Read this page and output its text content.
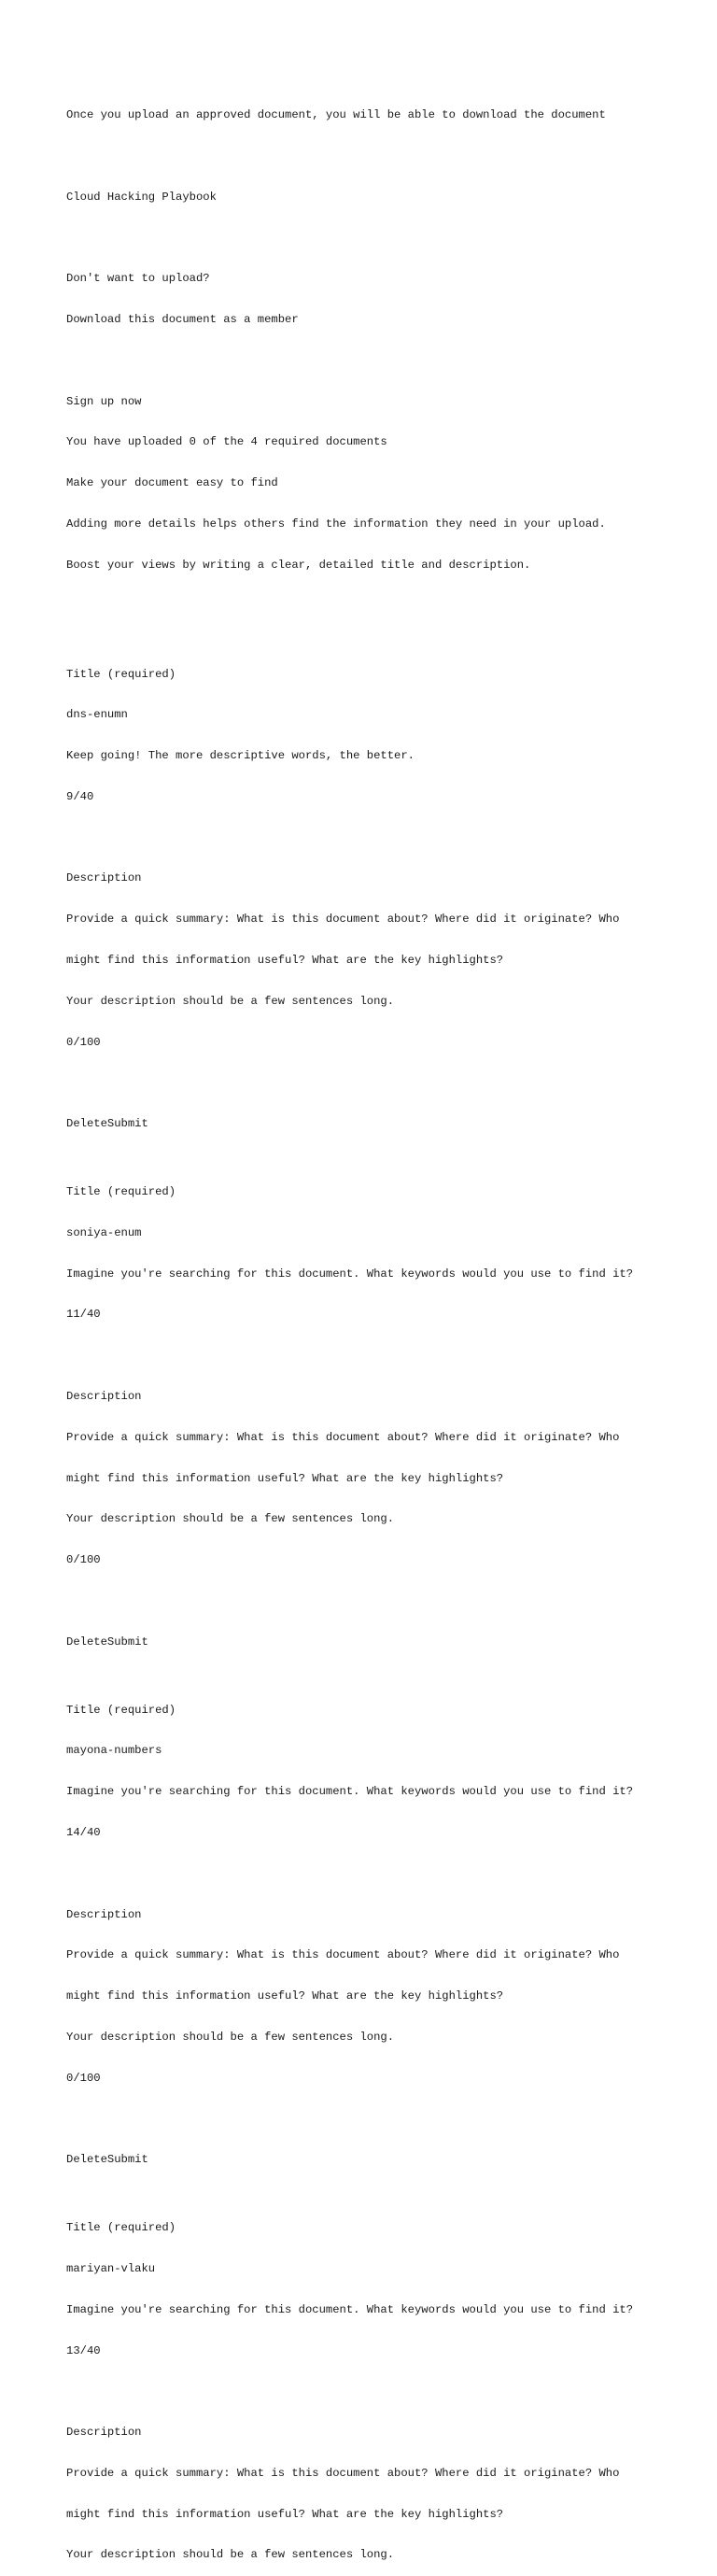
Once you upload an approved document, you will be able to download the document

Cloud Hacking Playbook

Don't want to upload?

Download this document as a member

Sign up now

You have uploaded 0 of the 4 required documents

Make your document easy to find

Adding more details helps others find the information they need in your upload.

Boost your views by writing a clear, detailed title and description.

Title (required)

dns-enumn

Keep going! The more descriptive words, the better.

9/40

Description

Provide a quick summary: What is this document about? Where did it originate? Who

might find this information useful? What are the key highlights?

Your description should be a few sentences long.

0/100

DeleteSubmit

Title (required)

soniya-enum

Imagine you're searching for this document. What keywords would you use to find it?

11/40

Description

Provide a quick summary: What is this document about? Where did it originate? Who

might find this information useful? What are the key highlights?

Your description should be a few sentences long.

0/100

DeleteSubmit

Title (required)

mayona-numbers

Imagine you're searching for this document. What keywords would you use to find it?

14/40

Description

Provide a quick summary: What is this document about? Where did it originate? Who

might find this information useful? What are the key highlights?

Your description should be a few sentences long.

0/100

DeleteSubmit

Title (required)

mariyan-vlaku

Imagine you're searching for this document. What keywords would you use to find it?

13/40

Description

Provide a quick summary: What is this document about? Where did it originate? Who

might find this information useful? What are the key highlights?

Your description should be a few sentences long.
